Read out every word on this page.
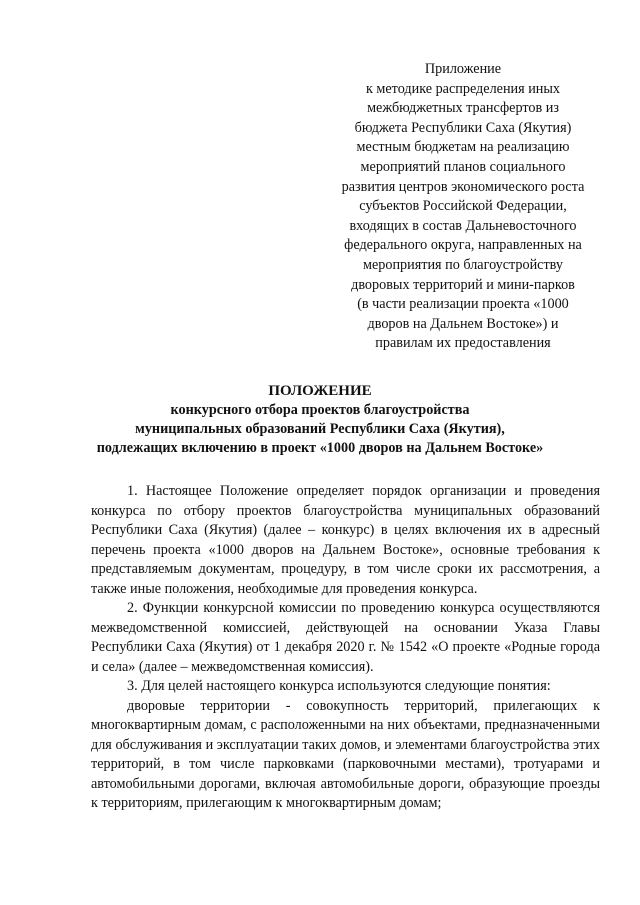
Приложение
к методике распределения иных
межбюджетных трансфертов из
бюджета Республики Саха (Якутия)
местным бюджетам на реализацию
мероприятий планов социального
развития центров экономического роста
субъектов Российской Федерации,
входящих в состав Дальневосточного
федерального округа, направленных на
мероприятия по благоустройству
дворовых территорий и мини-парков
(в части реализации проекта «1000
дворов на Дальнем Востоке») и
правилам их предоставления
ПОЛОЖЕНИЕ
конкурсного отбора проектов благоустройства
муниципальных образований Республики Саха (Якутия),
подлежащих включению в проект «1000 дворов на Дальнем Востоке»

1. Настоящее Положение определяет порядок организации и проведения конкурса по отбору проектов благоустройства муниципальных образований Республики Саха (Якутия) (далее – конкурс) в целях включения их в адресный перечень проекта «1000 дворов на Дальнем Востоке», основные требования к представляемым документам, процедуру, в том числе сроки их рассмотрения, а также иные положения, необходимые для проведения конкурса.

2. Функции конкурсной комиссии по проведению конкурса осуществляются межведомственной комиссией, действующей на основании Указа Главы Республики Саха (Якутия) от 1 декабря 2020 г. № 1542 «О проекте «Родные города и села» (далее – межведомственная комиссия).

3. Для целей настоящего конкурса используются следующие понятия:

дворовые территории - совокупность территорий, прилегающих к многоквартирным домам, с расположенными на них объектами, предназначенными для обслуживания и эксплуатации таких домов, и элементами благоустройства этих территорий, в том числе парковками (парковочными местами), тротуарами и автомобильными дорогами, включая автомобильные дороги, образующие проезды к территориям, прилегающим к многоквартирным домам;
